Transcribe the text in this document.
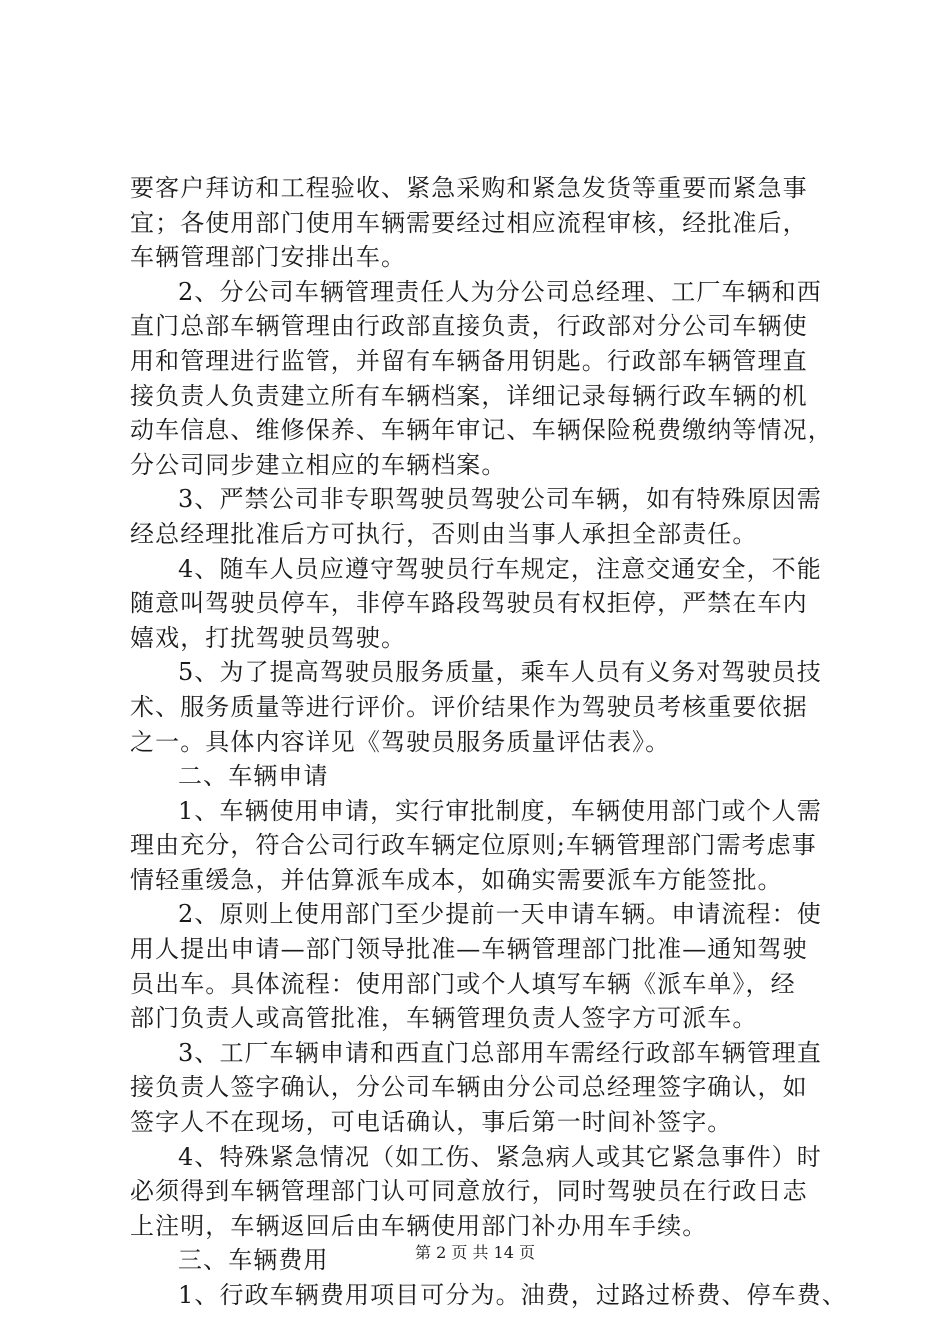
要客户拜访和工程验收、紧急采购和紧急发货等重要而紧急事
宜；各使用部门使用车辆需要经过相应流程审核，经批准后，
车辆管理部门安排出车。
2、分公司车辆管理责任人为分公司总经理、工厂车辆和西
直门总部车辆管理由行政部直接负责，行政部对分公司车辆使
用和管理进行监管，并留有车辆备用钥匙。行政部车辆管理直
接负责人负责建立所有车辆档案，详细记录每辆行政车辆的机
动车信息、维修保养、车辆年审记、车辆保险税费缴纳等情况，
分公司同步建立相应的车辆档案。
3、严禁公司非专职驾驶员驾驶公司车辆，如有特殊原因需
经总经理批准后方可执行，否则由当事人承担全部责任。
4、随车人员应遵守驾驶员行车规定，注意交通安全，不能
随意叫驾驶员停车，非停车路段驾驶员有权拒停，严禁在车内
嬉戏，打扰驾驶员驾驶。
5、为了提高驾驶员服务质量，乘车人员有义务对驾驶员技
术、服务质量等进行评价。评价结果作为驾驶员考核重要依据
之一。具体内容详见《驾驶员服务质量评估表》。
二、车辆申请
1、车辆使用申请，实行审批制度，车辆使用部门或个人需
理由充分，符合公司行政车辆定位原则;车辆管理部门需考虑事
情轻重缓急，并估算派车成本，如确实需要派车方能签批。
2、原则上使用部门至少提前一天申请车辆。申请流程：使
用人提出申请—部门领导批准—车辆管理部门批准—通知驾驶
员出车。具体流程：使用部门或个人填写车辆《派车单》，经
部门负责人或高管批准，车辆管理负责人签字方可派车。
3、工厂车辆申请和西直门总部用车需经行政部车辆管理直
接负责人签字确认，分公司车辆由分公司总经理签字确认，如
签字人不在现场，可电话确认，事后第一时间补签字。
4、特殊紧急情况（如工伤、紧急病人或其它紧急事件）时
必须得到车辆管理部门认可同意放行，同时驾驶员在行政日志
上注明，车辆返回后由车辆使用部门补办用车手续。
三、车辆费用
1、行政车辆费用项目可分为。油费，过路过桥费、停车费、
第 2 页 共 14 页
